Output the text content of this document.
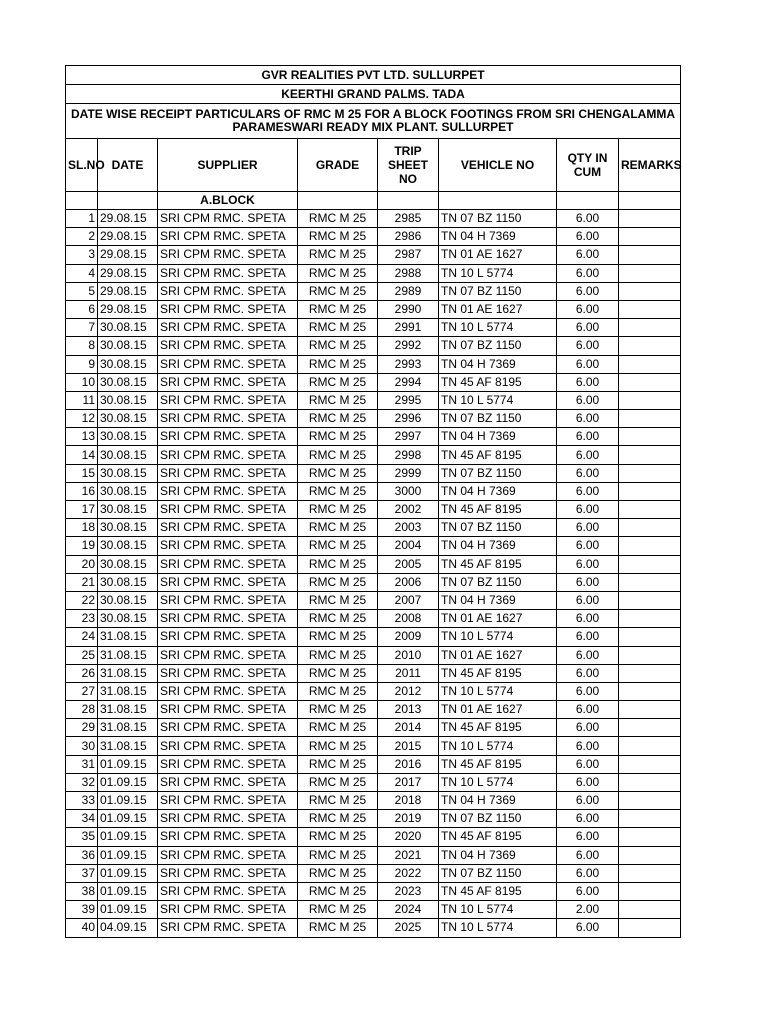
GVR REALITIES PVT LTD. SULLURPET							
KEERTHI GRAND PALMS. TADA							
DATE WISE RECEIPT PARTICULARS OF RMC M 25 FOR A BLOCK FOOTINGS FROM SRI CHENGALAMMA PARAMESWARI READY MIX PLANT. SULLURPET							
SL.NO	DATE	SUPPLIER	GRADE	TRIP SHEET NO	VEHICLE NO	QTY IN CUM	REMARKS
		A.BLOCK					
1	29.08.15	SRI CPM RMC. SPETA	RMC M 25	2985	TN 07 BZ 1150	6.00	
2	29.08.15	SRI CPM RMC. SPETA	RMC M 25	2986	TN 04 H 7369	6.00	
3	29.08.15	SRI CPM RMC. SPETA	RMC M 25	2987	TN 01 AE 1627	6.00	
4	29.08.15	SRI CPM RMC. SPETA	RMC M 25	2988	TN 10 L 5774	6.00	
5	29.08.15	SRI CPM RMC. SPETA	RMC M 25	2989	TN 07 BZ 1150	6.00	
6	29.08.15	SRI CPM RMC. SPETA	RMC M 25	2990	TN 01 AE 1627	6.00	
7	30.08.15	SRI CPM RMC. SPETA	RMC M 25	2991	TN 10 L 5774	6.00	
8	30.08.15	SRI CPM RMC. SPETA	RMC M 25	2992	TN 07 BZ 1150	6.00	
9	30.08.15	SRI CPM RMC. SPETA	RMC M 25	2993	TN 04 H 7369	6.00	
10	30.08.15	SRI CPM RMC. SPETA	RMC M 25	2994	TN 45 AF 8195	6.00	
11	30.08.15	SRI CPM RMC. SPETA	RMC M 25	2995	TN 10 L 5774	6.00	
12	30.08.15	SRI CPM RMC. SPETA	RMC M 25	2996	TN 07 BZ 1150	6.00	
13	30.08.15	SRI CPM RMC. SPETA	RMC M 25	2997	TN 04 H 7369	6.00	
14	30.08.15	SRI CPM RMC. SPETA	RMC M 25	2998	TN 45 AF 8195	6.00	
15	30.08.15	SRI CPM RMC. SPETA	RMC M 25	2999	TN 07 BZ 1150	6.00	
16	30.08.15	SRI CPM RMC. SPETA	RMC M 25	3000	TN 04 H 7369	6.00	
17	30.08.15	SRI CPM RMC. SPETA	RMC M 25	2002	TN 45 AF 8195	6.00	
18	30.08.15	SRI CPM RMC. SPETA	RMC M 25	2003	TN 07 BZ 1150	6.00	
19	30.08.15	SRI CPM RMC. SPETA	RMC M 25	2004	TN 04 H 7369	6.00	
20	30.08.15	SRI CPM RMC. SPETA	RMC M 25	2005	TN 45 AF 8195	6.00	
21	30.08.15	SRI CPM RMC. SPETA	RMC M 25	2006	TN 07 BZ 1150	6.00	
22	30.08.15	SRI CPM RMC. SPETA	RMC M 25	2007	TN 04 H 7369	6.00	
23	30.08.15	SRI CPM RMC. SPETA	RMC M 25	2008	TN 01 AE 1627	6.00	
24	31.08.15	SRI CPM RMC. SPETA	RMC M 25	2009	TN 10 L 5774	6.00	
25	31.08.15	SRI CPM RMC. SPETA	RMC M 25	2010	TN 01 AE 1627	6.00	
26	31.08.15	SRI CPM RMC. SPETA	RMC M 25	2011	TN 45 AF 8195	6.00	
27	31.08.15	SRI CPM RMC. SPETA	RMC M 25	2012	TN 10 L 5774	6.00	
28	31.08.15	SRI CPM RMC. SPETA	RMC M 25	2013	TN 01 AE 1627	6.00	
29	31.08.15	SRI CPM RMC. SPETA	RMC M 25	2014	TN 45 AF 8195	6.00	
30	31.08.15	SRI CPM RMC. SPETA	RMC M 25	2015	TN 10 L 5774	6.00	
31	01.09.15	SRI CPM RMC. SPETA	RMC M 25	2016	TN 45 AF 8195	6.00	
32	01.09.15	SRI CPM RMC. SPETA	RMC M 25	2017	TN 10 L 5774	6.00	
33	01.09.15	SRI CPM RMC. SPETA	RMC M 25	2018	TN 04 H 7369	6.00	
34	01.09.15	SRI CPM RMC. SPETA	RMC M 25	2019	TN 07 BZ 1150	6.00	
35	01.09.15	SRI CPM RMC. SPETA	RMC M 25	2020	TN 45 AF 8195	6.00	
36	01.09.15	SRI CPM RMC. SPETA	RMC M 25	2021	TN 04 H 7369	6.00	
37	01.09.15	SRI CPM RMC. SPETA	RMC M 25	2022	TN 07 BZ 1150	6.00	
38	01.09.15	SRI CPM RMC. SPETA	RMC M 25	2023	TN 45 AF 8195	6.00	
39	01.09.15	SRI CPM RMC. SPETA	RMC M 25	2024	TN 10 L 5774	2.00	
40	04.09.15	SRI CPM RMC. SPETA	RMC M 25	2025	TN 10 L 5774	6.00	
